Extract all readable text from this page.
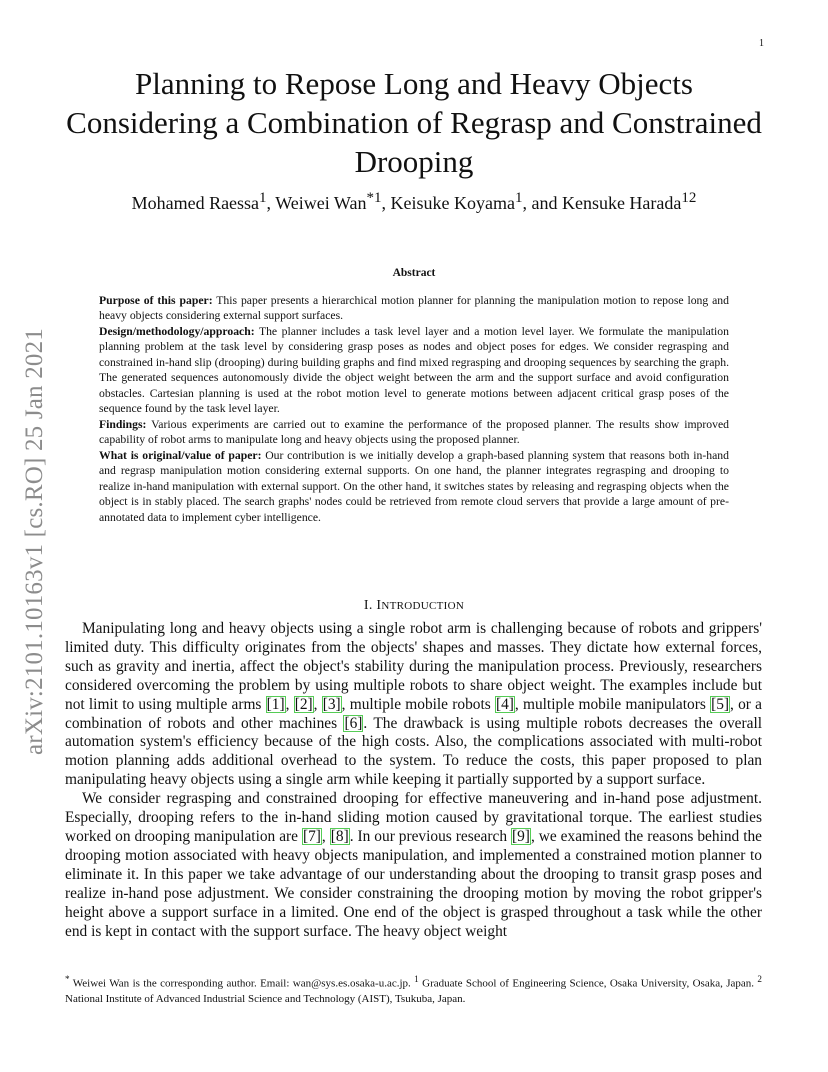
1
arXiv:2101.10163v1 [cs.RO] 25 Jan 2021
Planning to Repose Long and Heavy Objects Considering a Combination of Regrasp and Constrained Drooping
Mohamed Raessa$^1$, Weiwei Wan$^{*1}$, Keisuke Koyama$^1$, and Kensuke Harada$^{12}$
Abstract

Purpose of this paper: This paper presents a hierarchical motion planner for planning the manipulation motion to repose long and heavy objects considering external support surfaces.

Design/methodology/approach: The planner includes a task level layer and a motion level layer. We formulate the manipulation planning problem at the task level by considering grasp poses as nodes and object poses for edges. We consider regrasping and constrained in-hand slip (drooping) during building graphs and find mixed regrasping and drooping sequences by searching the graph. The generated sequences autonomously divide the object weight between the arm and the support surface and avoid configuration obstacles. Cartesian planning is used at the robot motion level to generate motions between adjacent critical grasp poses of the sequence found by the task level layer.

Findings: Various experiments are carried out to examine the performance of the proposed planner. The results show improved capability of robot arms to manipulate long and heavy objects using the proposed planner.

What is original/value of paper: Our contribution is we initially develop a graph-based planning system that reasons both in-hand and regrasp manipulation motion considering external supports. On one hand, the planner integrates regrasping and drooping to realize in-hand manipulation with external support. On the other hand, it switches states by releasing and regrasping objects when the object is in stably placed. The search graphs' nodes could be retrieved from remote cloud servers that provide a large amount of pre-annotated data to implement cyber intelligence.

I. INTRODUCTION

Manipulating long and heavy objects using a single robot arm is challenging because of robots and grippers' limited duty. This difficulty originates from the objects' shapes and masses. They dictate how external forces, such as gravity and inertia, affect the object's stability during the manipulation process. Previously, researchers considered overcoming the problem by using multiple robots to share object weight. The examples include but not limit to using multiple arms [1], [2], [3], multiple mobile robots [4], multiple mobile manipulators [5], or a combination of robots and other machines [6]. The drawback is using multiple robots decreases the overall automation system's efficiency because of the high costs. Also, the complications associated with multi-robot motion planning adds additional overhead to the system. To reduce the costs, this paper proposed to plan manipulating heavy objects using a single arm while keeping it partially supported by a support surface.

We consider regrasping and constrained drooping for effective maneuvering and in-hand pose adjustment. Especially, drooping refers to the in-hand sliding motion caused by gravitational torque. The earliest studies worked on drooping manipulation are [7], [8]. In our previous research [9], we examined the reasons behind the drooping motion associated with heavy objects manipulation, and implemented a constrained motion planner to eliminate it. In this paper we take advantage of our understanding about the drooping to transit grasp poses and realize in-hand pose adjustment. We consider constraining the drooping motion by moving the robot gripper's height above a support surface in a limited. One end of the object is grasped throughout a task while the other end is kept in contact with the support surface. The heavy object weight

* Weiwei Wan is the corresponding author. Email: wan@sys.es.osaka-u.ac.jp. $^1$ Graduate School of Engineering Science, Osaka University, Osaka, Japan. $^2$ National Institute of Advanced Industrial Science and Technology (AIST), Tsukuba, Japan.
